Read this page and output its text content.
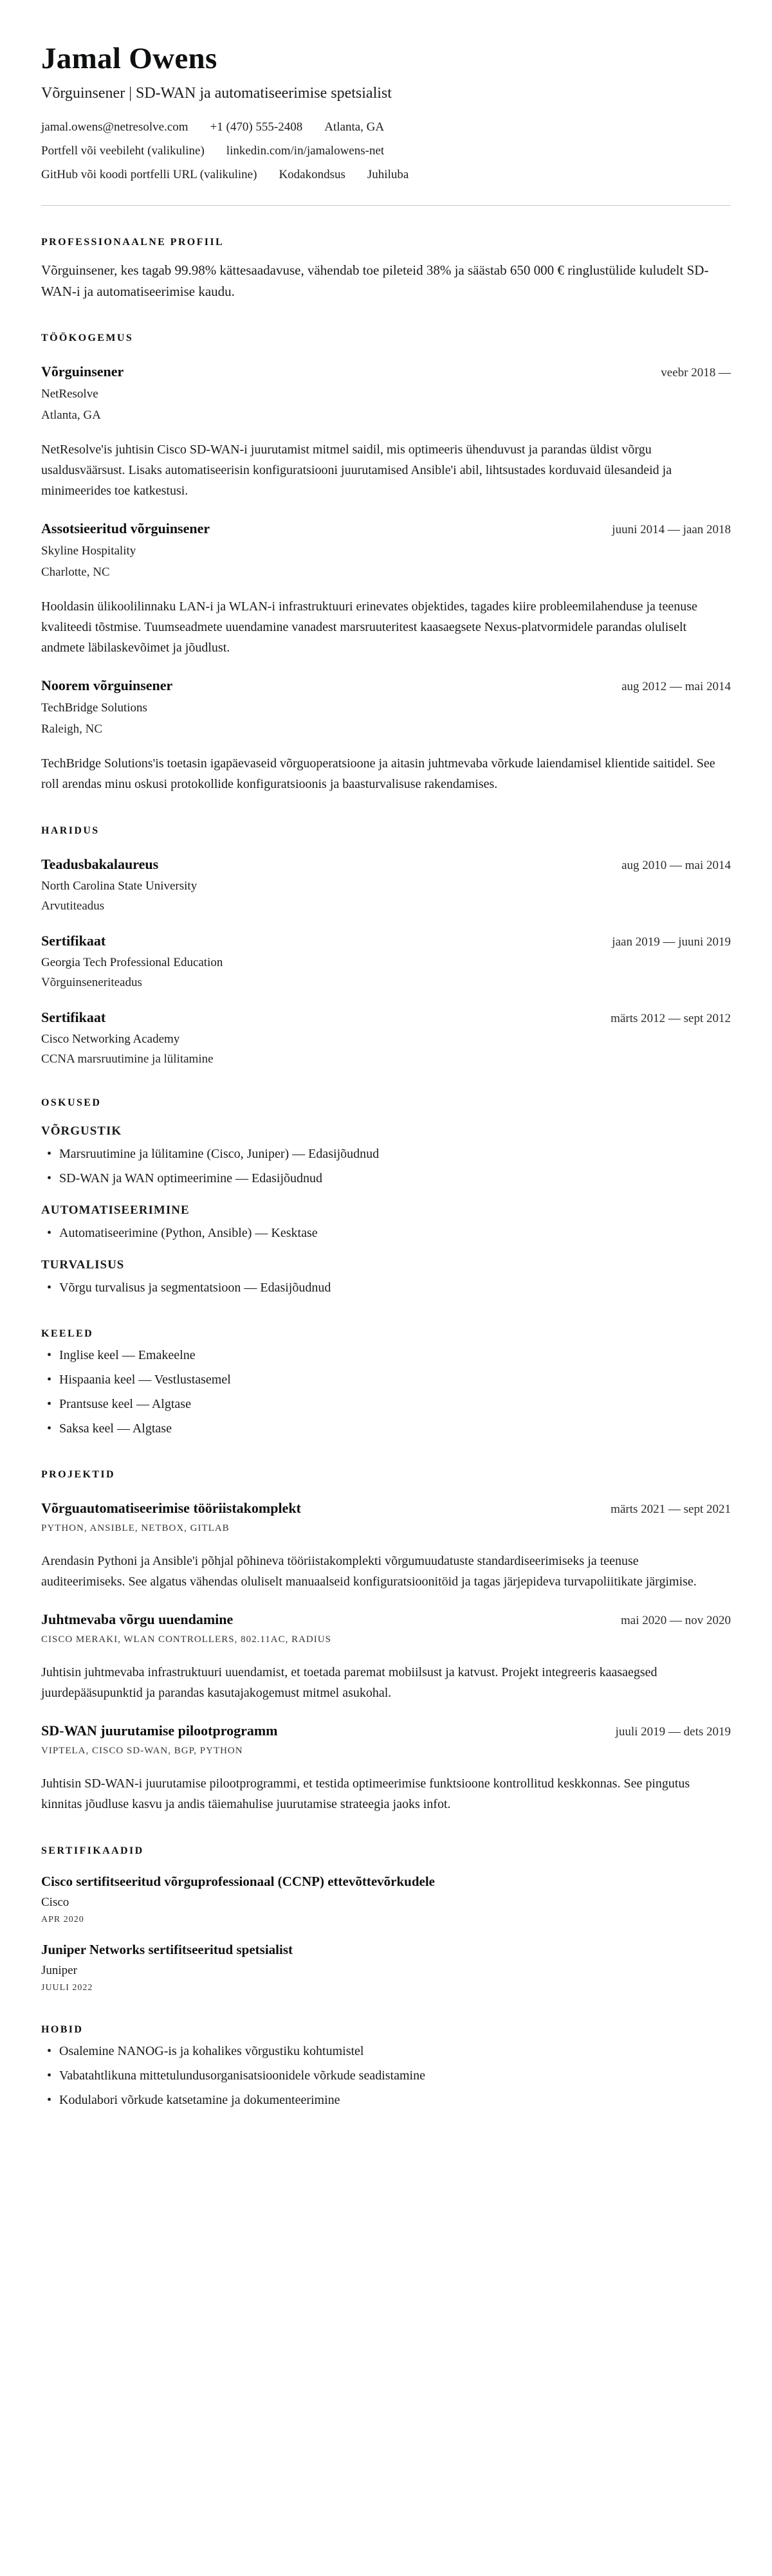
Jamal Owens
Võrguinsener | SD-WAN ja automatiseerimise spetsialist
jamal.owens@netresolve.com +1 (470) 555-2408 Atlanta, GA
Portfell või veebileht (valikuline) linkedin.com/in/jamalowens-net
GitHub või koodi portfelli URL (valikuline) Kodakondsus Juhiluba
PROFESSIONAALNE PROFIIL

Võrguinsener, kes tagab 99.98% kättesaadavuse, vähendab toe pileteid 38% ja säästab 650 000 € ringlustülide kuludelt SD-WAN-i ja automatiseerimise kaudu.

TÖÖKOGEMUS
Võrguinsener	veebr 2018 —
NetResolve
Atlanta, GA

NetResolve'is juhtisin Cisco SD-WAN-i juurutamist mitmel saidil, mis optimeeris ühenduvust ja parandas üldist võrgu usaldusväärsust. Lisaks automatiseerisin konfiguratsiooni juurutamised Ansible'i abil, lihtsustades korduvaid ülesandeid ja minimeerides toe katkestusi.

Assotsieeritud võrguinsener	juuni 2014 — jaan 2018
Skyline Hospitality
Charlotte, NC

Hooldasin ülikoolilinnaku LAN-i ja WLAN-i infrastruktuuri erinevates objektides, tagades kiire probleemilahenduse ja teenuse kvaliteedi tõstmise. Tuumseadmete uuendamine vanadest marsruuteritest kaasaegsete Nexus-platvormidele parandas oluliselt andmete läbilaskevõimet ja jõudlust.

Noorem võrguinsener	aug 2012 — mai 2014
TechBridge Solutions
Raleigh, NC

TechBridge Solutions'is toetasin igapäevaseid võrguoperatsioone ja aitasin juhtmevaba võrkude laiendamisel klientide saitidel. See roll arendas minu oskusi protokollide konfiguratsioonis ja baasturvalisuse rakendamises.

HARIDUS
Teadusbakalaureus	aug 2010 — mai 2014
North Carolina State University
Arvutiteadus
Sertifikaat	jaan 2019 — juuni 2019
Georgia Tech Professional Education
Võrguinseneriteadus
Sertifikaat	märts 2012 — sept 2012
Cisco Networking Academy
CCNA marsruutimine ja lülitamine
OSKUSED
VÕRGUSTIK
• Marsruutimine ja lülitamine (Cisco, Juniper) — Edasijõudnud
• SD-WAN ja WAN optimeerimine — Edasijõudnud
AUTOMATISEERIMINE
• Automatiseerimine (Python, Ansible) — Kesktase
TURVALISUS
• Võrgu turvalisus ja segmentatsioon — Edasijõudnud
KEELED
• Inglise keel — Emakeelne
• Hispaania keel — Vestlustasemel
• Prantsuse keel — Algtase
• Saksa keel — Algtase
PROJEKTID
Võrguautomatiseerimise tööriistakomplekt	märts 2021 — sept 2021
PYTHON, ANSIBLE, NETBOX, GITLAB

Arendasin Pythoni ja Ansible'i põhjal põhineva tööriistakomplekti võrgumuudatuste standardiseerimiseks ja teenuse auditeerimiseks. See algatus vähendas oluliselt manuaalseid konfiguratsioonitöid ja tagas järjepideva turvapoliitikate järgimise.

Juhtmevaba võrgu uuendamine	mai 2020 — nov 2020
CISCO MERAKI, WLAN CONTROLLERS, 802.11AC, RADIUS

Juhtisin juhtmevaba infrastruktuuri uuendamist, et toetada paremat mobiilsust ja katvust. Projekt integreeris kaasaegsed juurdepääsupunktid ja parandas kasutajakogemust mitmel asukohal.

SD-WAN juurutamise pilootprogramm	juuli 2019 — dets 2019
VIPTELA, CISCO SD-WAN, BGP, PYTHON

Juhtisin SD-WAN-i juurutamise pilootprogrammi, et testida optimeerimise funktsioone kontrollitud keskkonnas. See pingutus kinnitas jõudluse kasvu ja andis täiemahulise juurutamise strateegia jaoks infot.

SERTIFIKAADID
Cisco sertifitseeritud võrguprofessionaal (CCNP) ettevõttevõrkudele
Cisco
APR 2020
Juniper Networks sertifitseeritud spetsialist
Juniper
JUULI 2022
HOBID
• Osalemine NANOG-is ja kohalikes võrgustiku kohtumistel
• Vabatahtlikuna mittetulundusorganisatsioonidele võrkude seadistamine
• Kodulabori võrkude katsetamine ja dokumenteerimine
